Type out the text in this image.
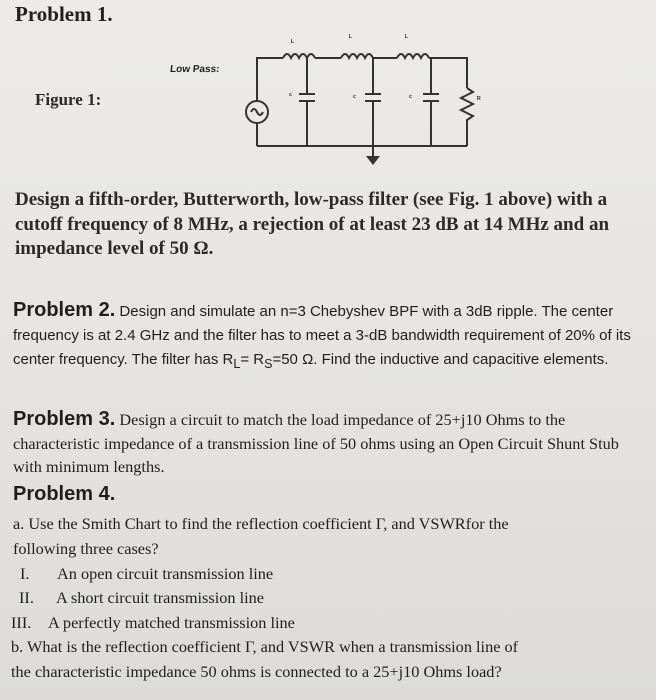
Problem 1.
Figure 1:
Low Pass:
ᴸ
ᴸ	ᴸ
ᶜ	ᶜ	ᶜ	ᴿ
Design a fifth-order, Butterworth, low-pass filter (see Fig. 1 above) with a cutoff frequency of 8 MHz, a rejection of at least 23 dB at 14 MHz and an impedance level of 50 Ω.
Problem 2. Design and simulate an n=3 Chebyshev BPF with a 3dB ripple. The center frequency is at 2.4 GHz and the filter has to meet a 3-dB bandwidth requirement of 20% of its center frequency. The filter has $R_L= R_S=50$ Ω. Find the inductive and capacitive elements.
Problem 3. Design a circuit to match the load impedance of 25+j10 Ohms to the characteristic impedance of a transmission line of 50 ohms using an Open Circuit Shunt Stub with minimum lengths.
Problem 4.
a. Use the Smith Chart to find the reflection coefficient Γ, and VSWRfor the
following three cases?
I. An open circuit transmission line
II. A short circuit transmission line
III. A perfectly matched transmission line
b. What is the reflection coefficient Γ, and VSWR when a transmission line of
the characteristic impedance 50 ohms is connected to a 25+j10 Ohms load?
